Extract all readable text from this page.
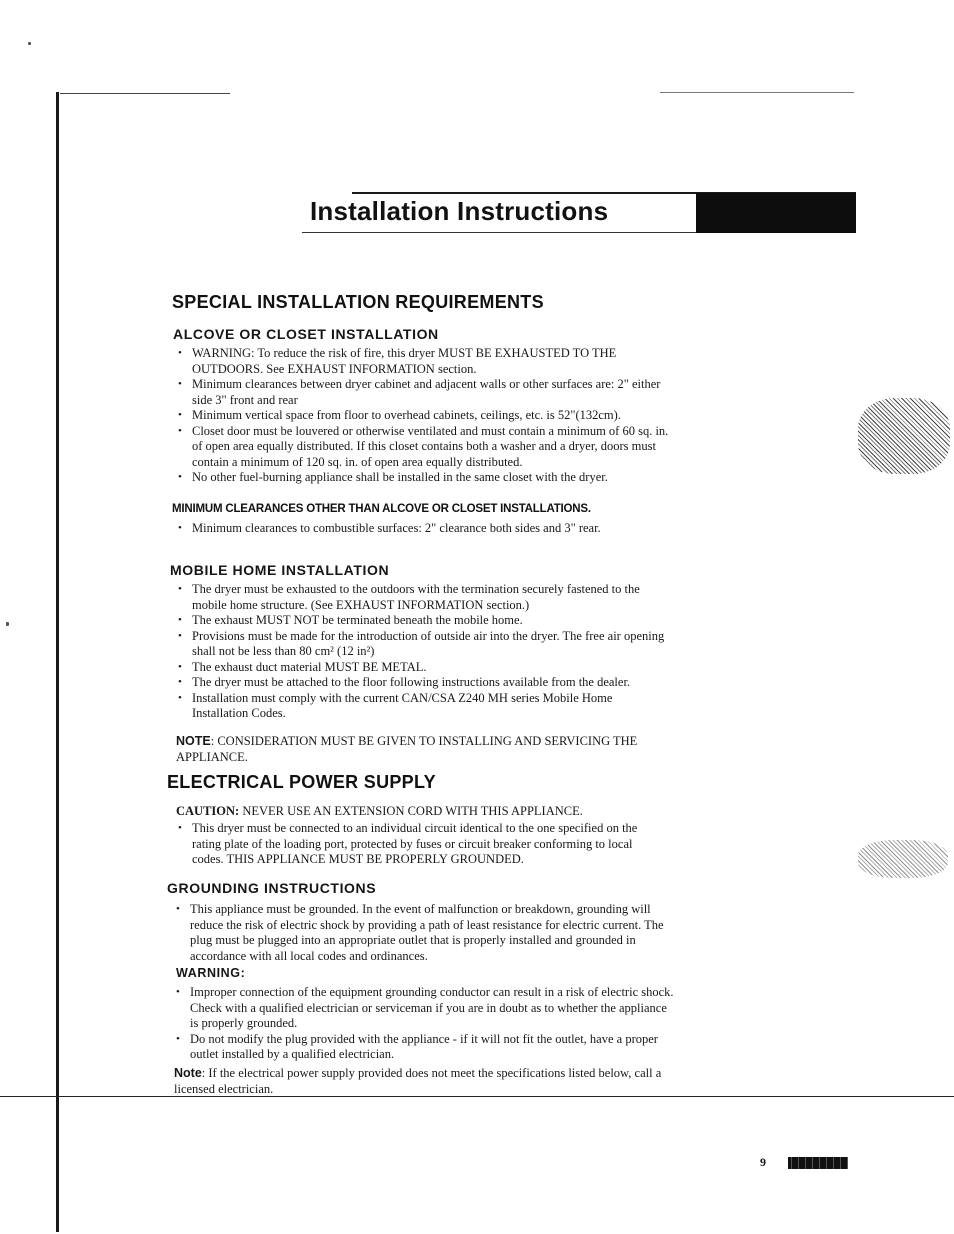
Installation Instructions
SPECIAL INSTALLATION REQUIREMENTS
ALCOVE OR CLOSET INSTALLATION
• WARNING: To reduce the risk of fire, this dryer MUST BE EXHAUSTED TO THE OUTDOORS. See EXHAUST INFORMATION section.
• Minimum clearances between dryer cabinet and adjacent walls or other surfaces are: 2" either side 3" front and rear
• Minimum vertical space from floor to overhead cabinets, ceilings, etc. is 52"(132cm).
• Closet door must be louvered or otherwise ventilated and must contain a minimum of 60 sq. in. of open area equally distributed. If this closet contains both a washer and a dryer, doors must contain a minimum of 120 sq. in. of open area equally distributed.
• No other fuel-burning appliance shall be installed in the same closet with the dryer.
MINIMUM CLEARANCES OTHER THAN ALCOVE OR CLOSET INSTALLATIONS.
• Minimum clearances to combustible surfaces: 2" clearance both sides and 3" rear.
MOBILE HOME INSTALLATION
• The dryer must be exhausted to the outdoors with the termination securely fastened to the mobile home structure. (See EXHAUST INFORMATION section.)
• The exhaust MUST NOT be terminated beneath the mobile home.
• Provisions must be made for the introduction of outside air into the dryer. The free air opening shall not be less than 80 cm² (12 in²)
• The exhaust duct material MUST BE METAL.
• The dryer must be attached to the floor following instructions available from the dealer.
• Installation must comply with the current CAN/CSA Z240 MH series Mobile Home Installation Codes.
NOTE: CONSIDERATION MUST BE GIVEN TO INSTALLING AND SERVICING THE APPLIANCE.
ELECTRICAL POWER SUPPLY
CAUTION: NEVER USE AN EXTENSION CORD WITH THIS APPLIANCE.
• This dryer must be connected to an individual circuit identical to the one specified on the rating plate of the loading port, protected by fuses or circuit breaker conforming to local codes. THIS APPLIANCE MUST BE PROPERLY GROUNDED.
GROUNDING INSTRUCTIONS
• This appliance must be grounded. In the event of malfunction or breakdown, grounding will reduce the risk of electric shock by providing a path of least resistance for electric current. The plug must be plugged into an appropriate outlet that is properly installed and grounded in accordance with all local codes and ordinances.
WARNING:
• Improper connection of the equipment grounding conductor can result in a risk of electric shock. Check with a qualified electrician or serviceman if you are in doubt as to whether the appliance is properly grounded.
• Do not modify the plug provided with the appliance - if it will not fit the outlet, have a proper outlet installed by a qualified electrician.
Note: If the electrical power supply provided does not meet the specifications listed below, call a licensed electrician.
9
